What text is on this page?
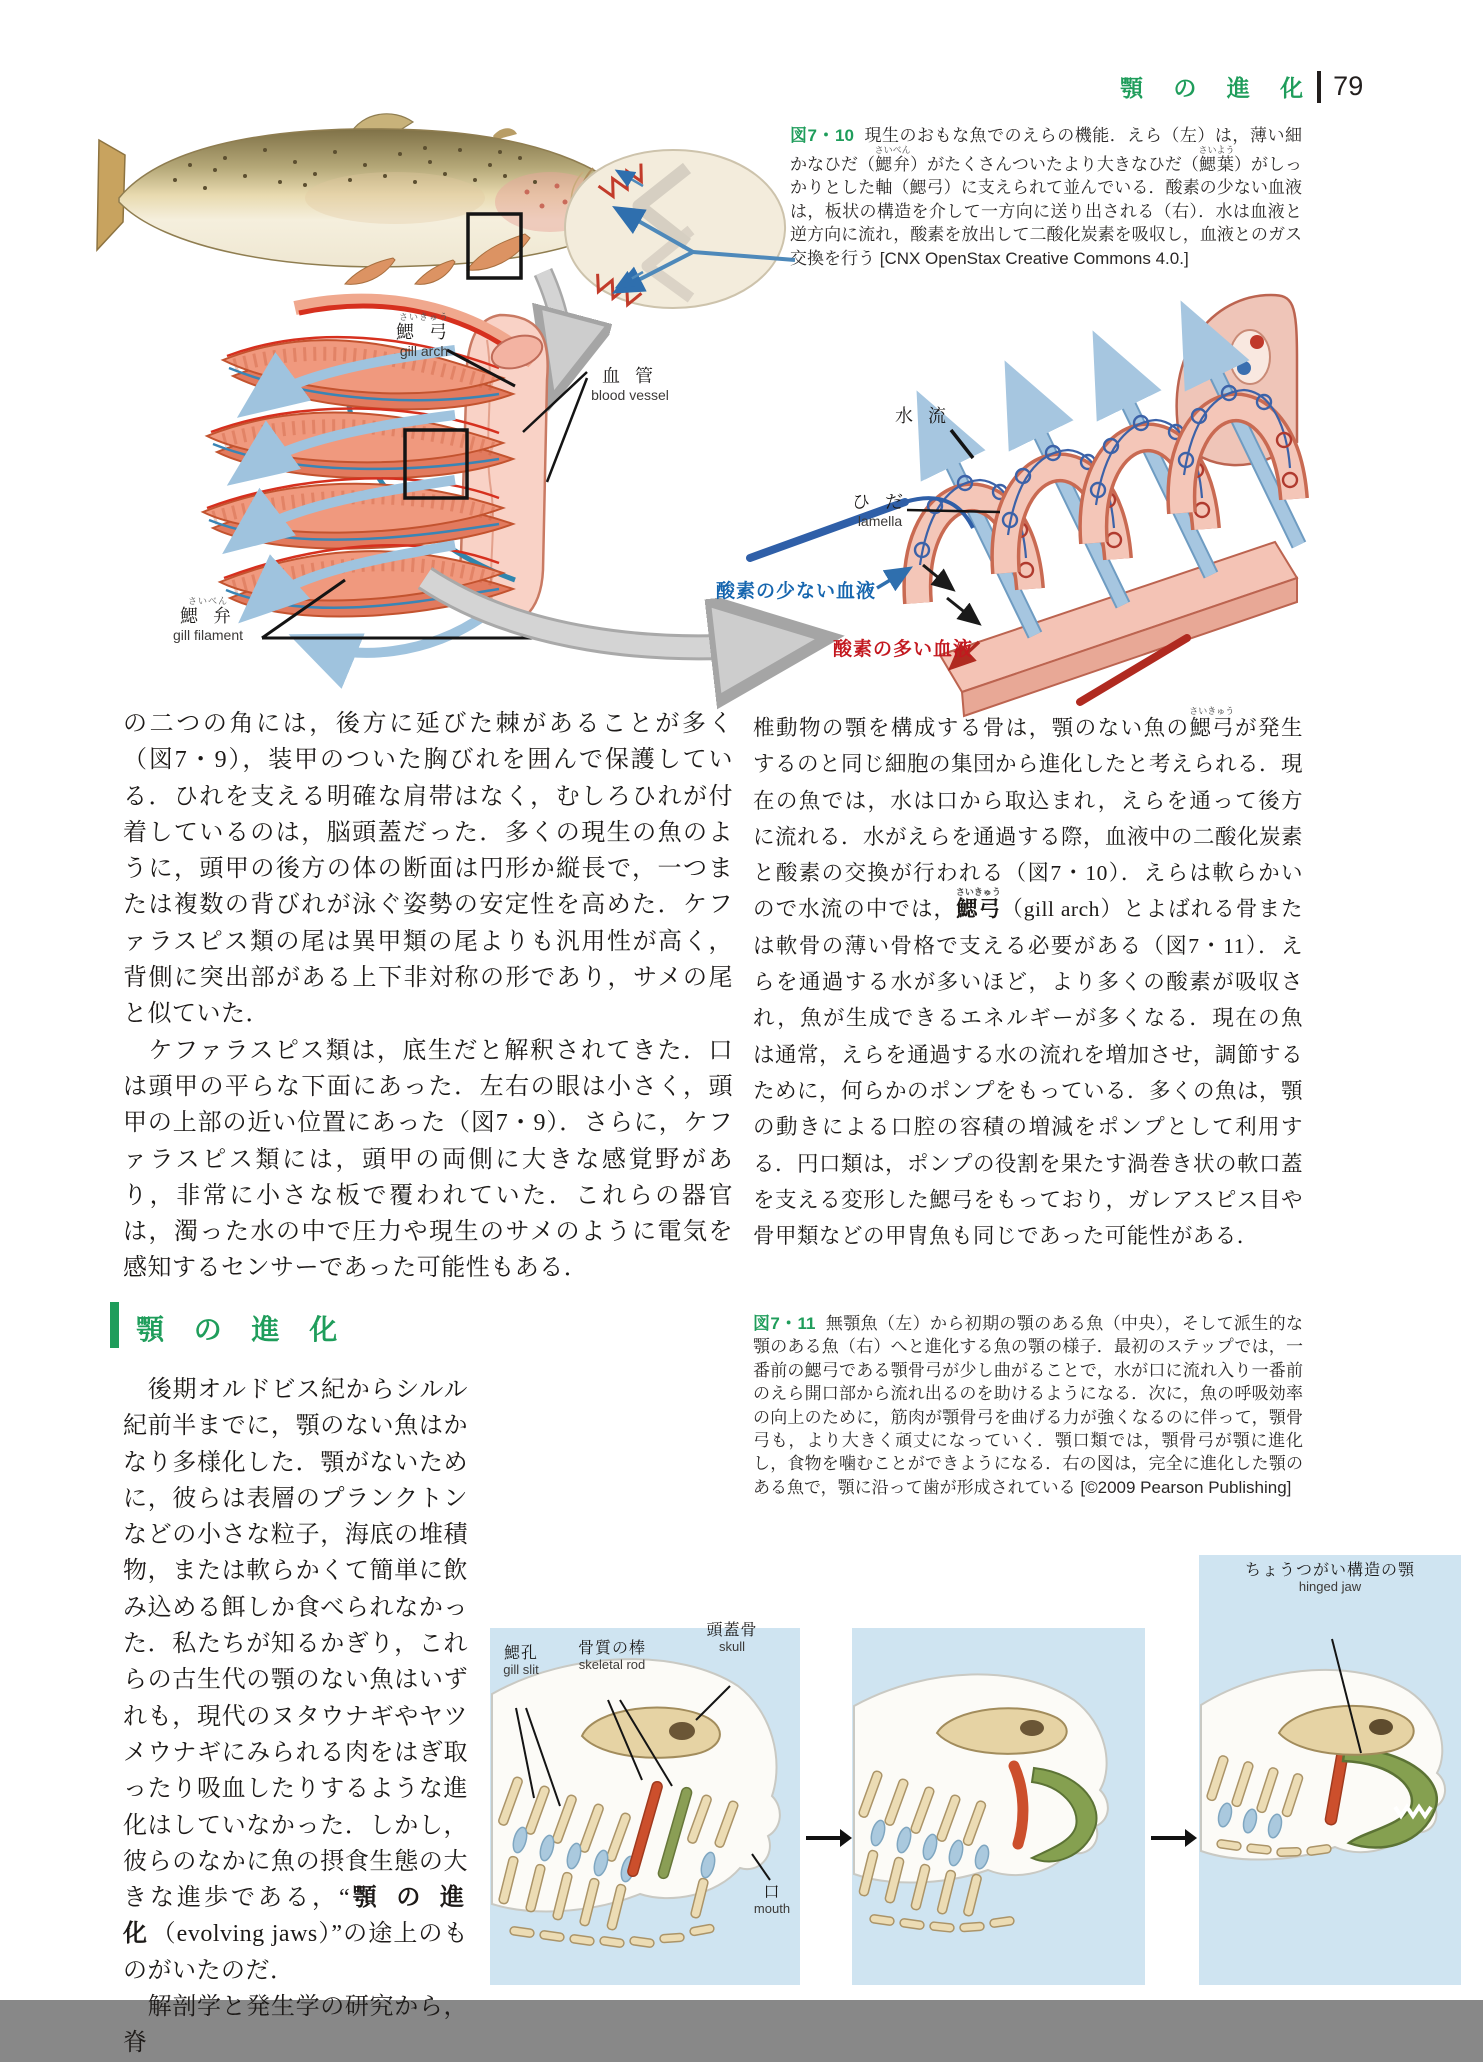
顎 の 進 化 79

図7・10 現生のおもな魚でのえらの機能．えら（左）は，薄い細かなひだ（鰓弁さいべん）がたくさんついたより大きなひだ（鰓葉さいよう）がしっかりとした軸（鰓弓）に支えられて並んでいる．酸素の少ない血液は，板状の構造を介して一方向に送り出される（右）．水は血液と逆方向に流れ，酸素を放出して二酸化炭素を吸収し，血液とのガス交換を行う [CNX OpenStax Creative Commons 4.0.]

さいきゅう
鰓 弓
gill arch
血 管
blood vessel
さいべん
鰓 弁
gill filament
水 流
ひ だ
lamella
酸素の少ない血液
酸素の多い血液

の二つの角には，後方に延びた棘があることが多く（図7・9），装甲のついた胸びれを囲んで保護している．ひれを支える明確な肩帯はなく，むしろひれが付着しているのは，脳頭蓋だった．多くの現生の魚のように，頭甲の後方の体の断面は円形か縦長で，一つまたは複数の背びれが泳ぐ姿勢の安定性を高めた．ケファラスピス類の尾は異甲類の尾よりも汎用性が高く，背側に突出部がある上下非対称の形であり，サメの尾と似ていた．

　ケファラスピス類は，底生だと解釈されてきた．口は頭甲の平らな下面にあった．左右の眼は小さく，頭甲の上部の近い位置にあった（図7・9）．さらに，ケファラスピス類には，頭甲の両側に大きな感覚野があり，非常に小さな板で覆われていた．これらの器官は，濁った水の中で圧力や現生のサメのように電気を感知するセンサーであった可能性もある．

椎動物の顎を構成する骨は，顎のない魚の鰓弓さいきゅうが発生するのと同じ細胞の集団から進化したと考えられる．現在の魚では，水は口から取込まれ，えらを通って後方に流れる．水がえらを通過する際，血液中の二酸化炭素と酸素の交換が行われる（図7・10）．えらは軟らかいので水流の中では，鰓弓さいきゅう（gill arch）とよばれる骨または軟骨の薄い骨格で支える必要がある（図7・11）．えらを通過する水が多いほど，より多くの酸素が吸収され，魚が生成できるエネルギーが多くなる．現在の魚は通常，えらを通過する水の流れを増加させ，調節するために，何らかのポンプをもっている．多くの魚は，顎の動きによる口腔の容積の増減をポンプとして利用する．円口類は，ポンプの役割を果たす渦巻き状の軟口蓋を支える変形した鰓弓をもっており，ガレアスピス目や骨甲類などの甲冑魚も同じであった可能性がある．

顎 の 進 化

　後期オルドビス紀からシルル紀前半までに，顎のない魚はかなり多様化した．顎がないために，彼らは表層のプランクトンなどの小さな粒子，海底の堆積物，または軟らかくて簡単に飲み込める餌しか食べられなかった．私たちが知るかぎり，これらの古生代の顎のない魚はいずれも，現代のヌタウナギやヤツメウナギにみられる肉をはぎ取ったり吸血したりするような進化はしていなかった．しかし，彼らのなかに魚の摂食生態の大きな進歩である，“顎 の 進 化（evolving jaws）”の途上のものがいたのだ．

　解剖学と発生学の研究から，脊

図7・11 無顎魚（左）から初期の顎のある魚（中央），そして派生的な顎のある魚（右）へと進化する魚の顎の様子．最初のステップでは，一番前の鰓弓である顎骨弓が少し曲がることで，水が口に流れ入り一番前のえら開口部から流れ出るのを助けるようになる．次に，魚の呼吸効率の向上のために，筋肉が顎骨弓を曲げる力が強くなるのに伴って，顎骨弓も，より大きく頑丈になっていく．顎口類では，顎骨弓が顎に進化し，食物を噛むことができようになる．右の図は，完全に進化した顎のある魚で，顎に沿って歯が形成されている [©2009 Pearson Publishing]

鰓孔
gill slit
骨質の棒
skeletal rod
頭蓋骨
skull
口
mouth
ちょうつがい構造の顎
hinged jaw
